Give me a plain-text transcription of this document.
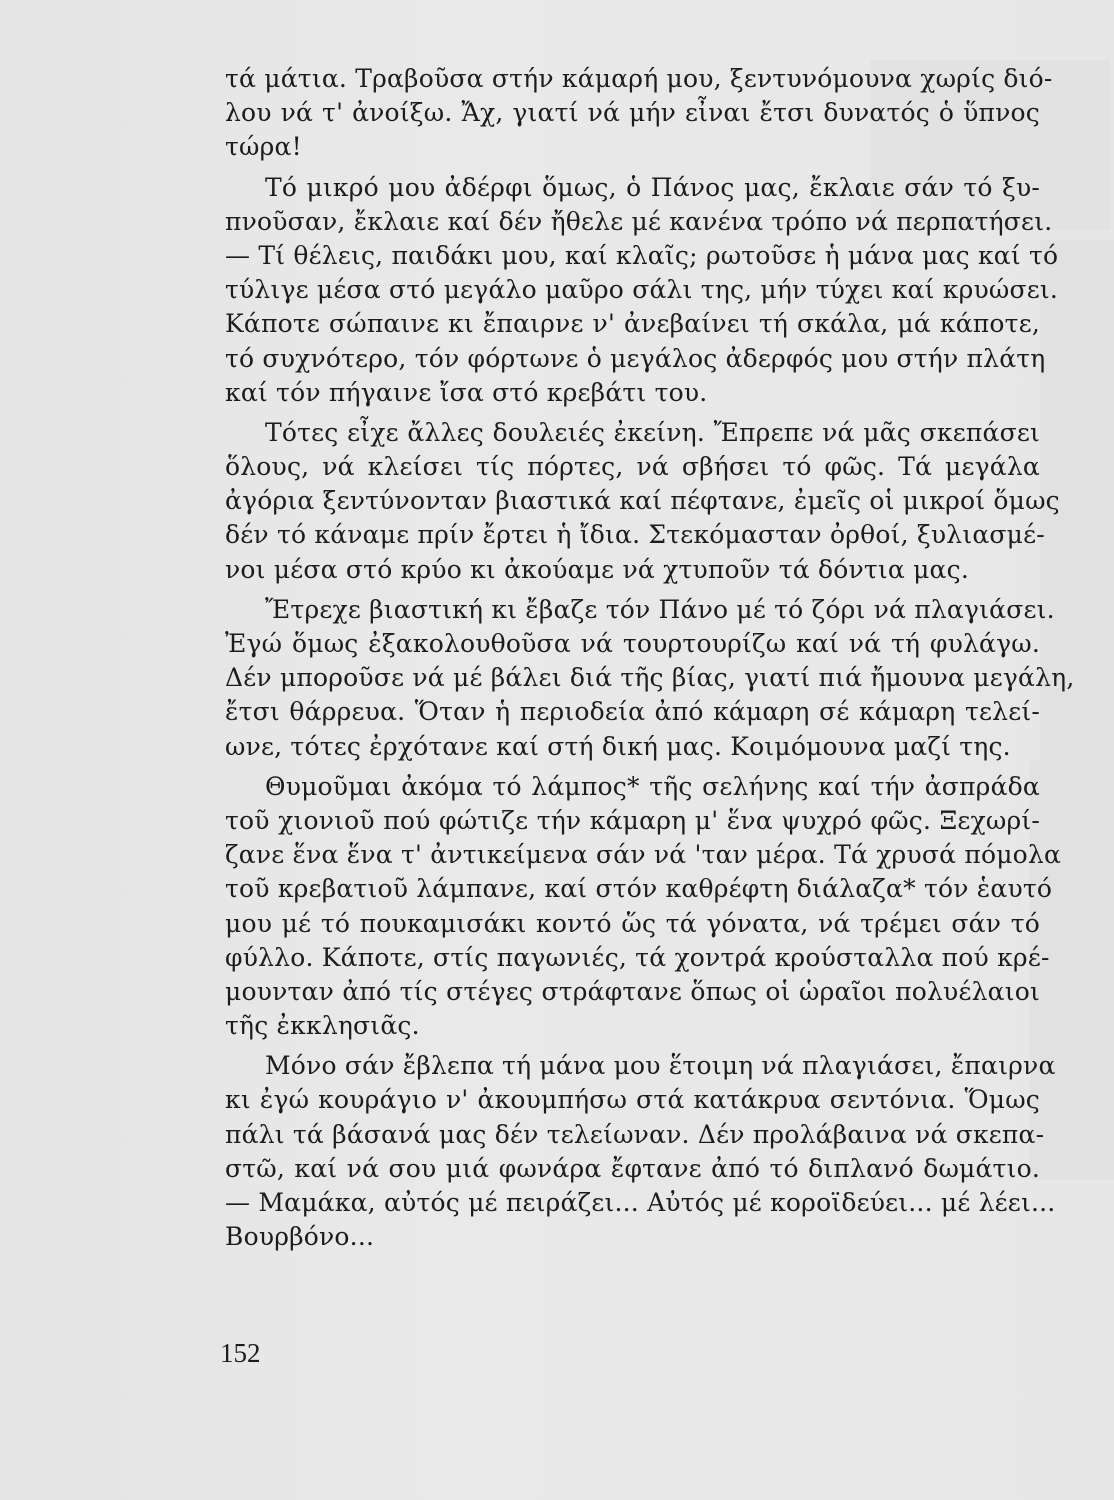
τά μάτια. Τραβοῦσα στήν κάμαρή μου, ξεντυνόμουνα χωρίς διό-
λου νά τ' ἀνοίξω. Ἄχ, γιατί νά μήν εἶναι ἔτσι δυνατός ὁ ὕπνος
τώρα!
Τό μικρό μου ἀδέρφι ὅμως, ὁ Πάνος μας, ἔκλαιε σάν τό ξυ-
πνοῦσαν, ἔκλαιε καί δέν ἤθελε μέ κανένα τρόπο νά περπατήσει.
— Τί θέλεις, παιδάκι μου, καί κλαῖς; ρωτοῦσε ἡ μάνα μας καί τό
τύλιγε μέσα στό μεγάλο μαῦρο σάλι της, μήν τύχει καί κρυώσει.
Κάποτε σώπαινε κι ἔπαιρνε ν' ἀνεβαίνει τή σκάλα, μά κάποτε,
τό συχνότερο, τόν φόρτωνε ὁ μεγάλος ἀδερφός μου στήν πλάτη
καί τόν πήγαινε ἴσα στό κρεβάτι του.
Τότες εἶχε ἄλλες δουλειές ἐκείνη. Ἔπρεπε νά μᾶς σκεπάσει
ὅλους, νά κλείσει τίς πόρτες, νά σβήσει τό φῶς. Τά μεγάλα
ἀγόρια ξεντύνονταν βιαστικά καί πέφτανε, ἐμεῖς οἱ μικροί ὅμως
δέν τό κάναμε πρίν ἔρτει ἡ ἴδια. Στεκόμασταν ὀρθοί, ξυλιασμέ-
νοι μέσα στό κρύο κι ἀκούαμε νά χτυποῦν τά δόντια μας.
Ἔτρεχε βιαστική κι ἔβαζε τόν Πάνο μέ τό ζόρι νά πλαγιάσει.
Ἐγώ ὅμως ἐξακολουθοῦσα νά τουρτουρίζω καί νά τή φυλάγω.
Δέν μποροῦσε νά μέ βάλει διά τῆς βίας, γιατί πιά ἤμουνα μεγάλη,
ἔτσι θάρρευα. Ὅταν ἡ περιοδεία ἀπό κάμαρη σέ κάμαρη τελεί-
ωνε, τότες ἐρχότανε καί στή δική μας. Κοιμόμουνα μαζί της.
Θυμοῦμαι ἀκόμα τό λάμπος* τῆς σελήνης καί τήν ἀσπράδα
τοῦ χιονιοῦ πού φώτιζε τήν κάμαρη μ' ἕνα ψυχρό φῶς. Ξεχωρί-
ζανε ἕνα ἕνα τ' ἀντικείμενα σάν νά 'ταν μέρα. Τά χρυσά πόμολα
τοῦ κρεβατιοῦ λάμπανε, καί στόν καθρέφτη διάλαζα* τόν ἑαυτό
μου μέ τό πουκαμισάκι κοντό ὥς τά γόνατα, νά τρέμει σάν τό
φύλλο. Κάποτε, στίς παγωνιές, τά χοντρά κρούσταλλα πού κρέ-
μουνταν ἀπό τίς στέγες στράφτανε ὅπως οἱ ὡραῖοι πολυέλαιοι
τῆς ἐκκλησιᾶς.
Μόνο σάν ἔβλεπα τή μάνα μου ἕτοιμη νά πλαγιάσει, ἔπαιρνα
κι ἐγώ κουράγιο ν' ἀκουμπήσω στά κατάκρυα σεντόνια. Ὅμως
πάλι τά βάσανά μας δέν τελείωναν. Δέν προλάβαινα νά σκεπα-
στῶ, καί νά σου μιά φωνάρα ἔφτανε ἀπό τό διπλανό δωμάτιο.
— Μαμάκα, αὐτός μέ πειράζει... Αὐτός μέ κοροϊδεύει... μέ λέει...
Βουρβόνο...
152
